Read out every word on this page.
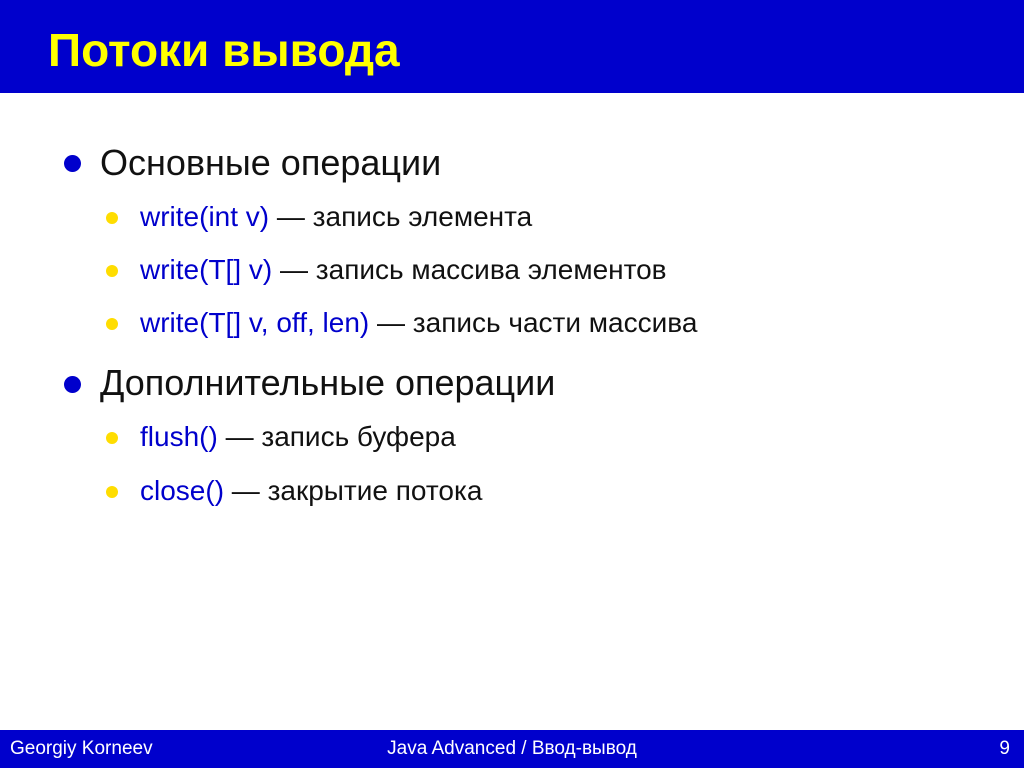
Потоки вывода
Основные операции
write(int v) — запись элемента
write(T[] v) — запись массива элементов
write(T[] v, off, len) — запись части массива
Дополнительные операции
flush() — запись буфера
close() — закрытие потока
Georgiy Korneev	Java Advanced / Ввод-вывод	9
